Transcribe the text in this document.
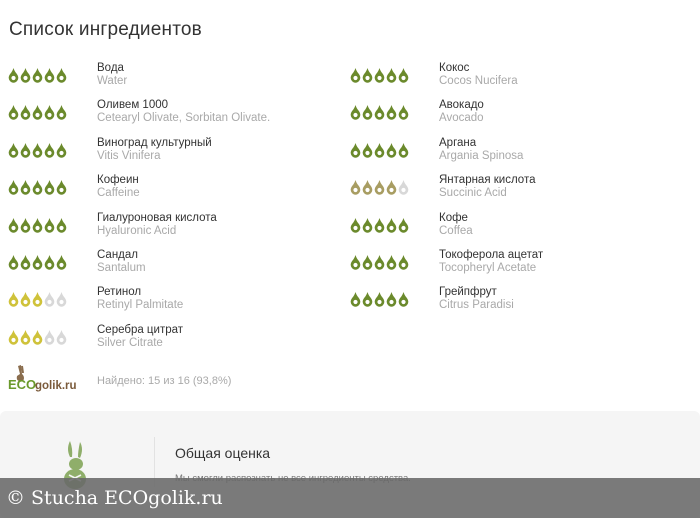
Список ингредиентов
Вода
Water
Оливем 1000
Cetearyl Olivate, Sorbitan Olivate.
Виноград культурный
Vitis Vinifera
Кофеин
Caffeine
Гиалуроновая кислота
Hyaluronic Acid
Сандал
Santalum
Ретинол
Retinyl Palmitate
Серебра цитрат
Silver Citrate
Кокос
Cocos Nucifera
Авокадо
Avocado
Аргана
Argania Spinosa
Янтарная кислота
Succinic Acid
Кофе
Coffea
Токоферола ацетат
Tocopheryl Acetate
Грейпфрут
Citrus Paradisi
ECO
golik.ru Найдено: 15 из 16 (93,8%)
Общая оценка
© Stucha ECOgolik.ru
